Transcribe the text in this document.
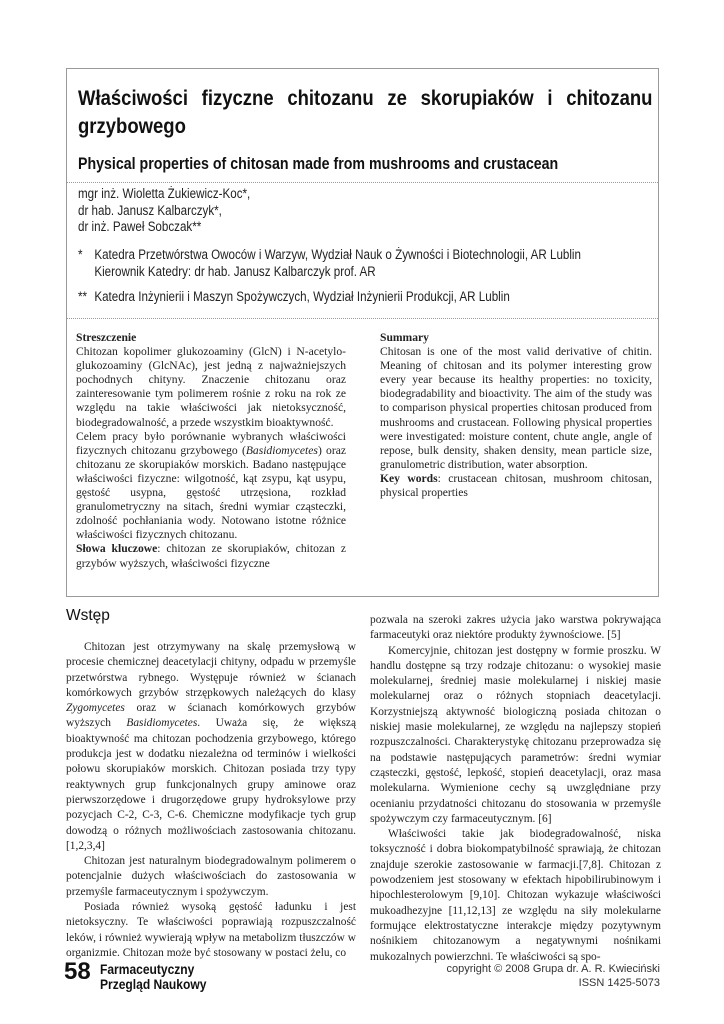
Właściwości fizyczne chitozanu ze skorupiaków i chitozanu grzybowego
Physical properties of chitosan made from mushrooms and crustacean
mgr inż. Wioletta Żukiewicz-Koc*,
dr hab. Janusz Kalbarczyk*,
dr inż. Paweł Sobczak**
* Katedra Przetwórstwa Owoców i Warzyw, Wydział Nauk o Żywności i Biotechnologii, AR Lublin
Kierownik Katedry: dr hab. Janusz Kalbarczyk prof. AR
** Katedra Inżynierii i Maszyn Spożywczych, Wydział Inżynierii Produkcji, AR Lublin
Streszczenie

Chitozan kopolimer glukozoaminy (GlcN) i N-acetylo-glukozoaminy (GlcNAc), jest jedną z najważniejszych pochodnych chityny. Znaczenie chitozanu oraz zainteresowanie tym polimerem rośnie z roku na rok ze względu na takie właściwości jak nietoksyczność, biodegradowalność, a przede wszystkim bioaktywność.

Celem pracy było porównanie wybranych właściwości fizycznych chitozanu grzybowego (Basidiomycetes) oraz chitozanu ze skorupiaków morskich. Badano następujące właściwości fizyczne: wilgotność, kąt zsypu, kąt usypu, gęstość usypna, gęstość utrzęsiona, rozkład granulometryczny na sitach, średni wymiar cząsteczki, zdolność pochłaniania wody. Notowano istotne różnice właściwości fizycznych chitozanu.

Słowa kluczowe: chitozan ze skorupiaków, chitozan z grzybów wyższych, właściwości fizyczne

Summary

Chitosan is one of the most valid derivative of chitin. Meaning of chitosan and its polymer interesting grow every year because its healthy properties: no toxicity, biodegradability and bioactivity. The aim of the study was to comparison physical properties chitosan produced from mushrooms and crustacean. Following physical properties were investigated: moisture content, chute angle, angle of repose, bulk density, shaken density, mean particle size, granulometric distribution, water absorption.

Key words: crustacean chitosan, mushroom chitosan, physical properties

Wstęp

Chitozan jest otrzymywany na skalę przemysłową w procesie chemicznej deacetylacji chityny, odpadu w przemyśle przetwórstwa rybnego. Występuje również w ścianach komórkowych grzybów strzępkowych należących do klasy Zygomycetes oraz w ścianach komórkowych grzybów wyższych Basidiomycetes. Uważa się, że większą bioaktywność ma chitozan pochodzenia grzybowego, którego produkcja jest w dodatku niezależna od terminów i wielkości połowu skorupiaków morskich. Chitozan posiada trzy typy reaktywnych grup funkcjonalnych grupy aminowe oraz pierwszorzędowe i drugorzędowe grupy hydroksylowe przy pozycjach C-2, C-3, C-6. Chemiczne modyfikacje tych grup dowodzą o różnych możliwościach zastosowania chitozanu. [1,2,3,4]

Chitozan jest naturalnym biodegradowalnym polimerem o potencjalnie dużych właściwościach do zastosowania w przemyśle farmaceutycznym i spożywczym.

Posiada również wysoką gęstość ładunku i jest nietoksyczny. Te właściwości poprawiają rozpuszczalność leków, i również wywierają wpływ na metabolizm tłuszczów w organizmie. Chitozan może być stosowany w postaci żelu, co

pozwala na szeroki zakres użycia jako warstwa pokrywająca farmaceutyki oraz niektóre produkty żywnościowe. [5]

Komercyjnie, chitozan jest dostępny w formie proszku. W handlu dostępne są trzy rodzaje chitozanu: o wysokiej masie molekularnej, średniej masie molekularnej i niskiej masie molekularnej oraz o różnych stopniach deacetylacji. Korzystniejszą aktywność biologiczną posiada chitozan o niskiej masie molekularnej, ze względu na najlepszy stopień rozpuszczalności. Charakterystykę chitozanu przeprowadza się na podstawie następujących parametrów: średni wymiar cząsteczki, gęstość, lepkość, stopień deacetylacji, oraz masa molekularna. Wymienione cechy są uwzględniane przy ocenianiu przydatności chitozanu do stosowania w przemyśle spożywczym czy farmaceutycznym. [6]

Właściwości takie jak biodegradowalność, niska toksyczność i dobra biokompatybilność sprawiają, że chitozan znajduje szerokie zastosowanie w farmacji.[7,8]. Chitozan z powodzeniem jest stosowany w efektach hipobilirubinowym i hipochlesterolowym [9,10]. Chitozan wykazuje właściwości mukoadhezyjne [11,12,13] ze względu na siły molekularne formujące elektrostatyczne interakcje między pozytywnym nośnikiem chitozanowym a negatywnymi nośnikami mukozalnych powierzchni. Te właściwości są spo-

58 Farmaceutyczny
Przegląd Naukowy
copyright © 2008 Grupa dr. A. R. Kwieciński
ISSN 1425-5073
